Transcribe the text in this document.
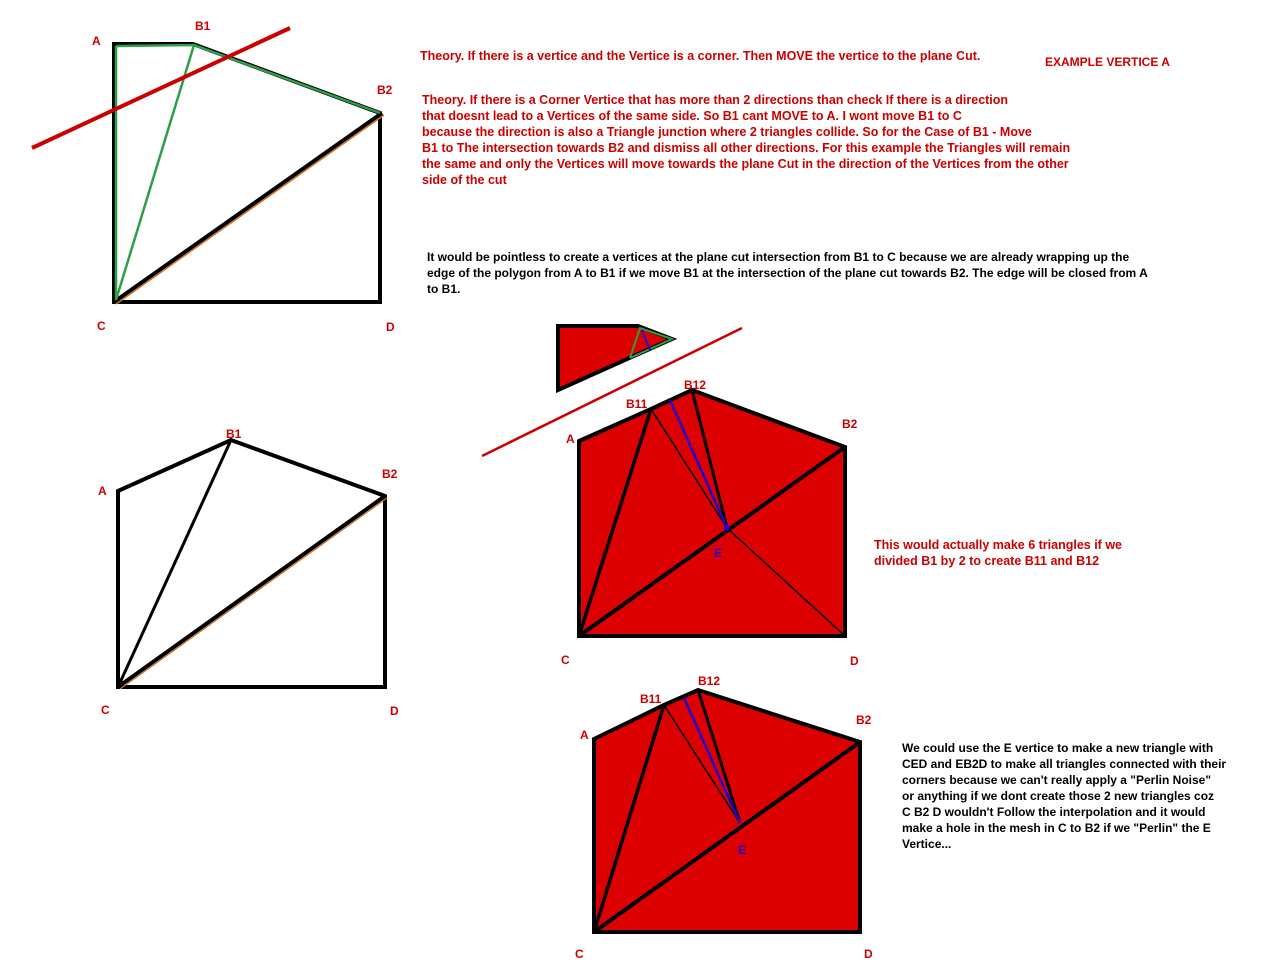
A
B1
B2
C	D
A
B1
B2
C	D
A
B11
B12
B2
E
C	D
A
B11
B12
B2
E
C	D
Theory. If there is a vertice and the Vertice is a corner. Then MOVE the vertice to the plane Cut.	EXAMPLE VERTICE A
Theory. If there is a Corner Vertice that has more than 2 directions than check If there is a direction
that doesnt lead to a Vertices of the same side. So B1 cant MOVE to A. I wont move B1 to C
because the direction is also a Triangle junction where 2 triangles collide. So for the Case of B1 - Move
B1 to The intersection towards B2 and dismiss all other directions. For this example the Triangles will remain
the same and only the Vertices will move towards the plane Cut in the direction of the Vertices from the other
side of the cut
It would be pointless to create a vertices at the plane cut intersection from B1 to C because we are already wrapping up the
edge of the polygon from A to B1 if we move B1 at the intersection of the plane cut towards B2. The edge will be closed from A
to B1.
This would actually make 6 triangles if we
divided B1 by 2 to create B11 and B12
We could use the E vertice to make a new triangle with
CED and EB2D to make all triangles connected with their
corners because we can't really apply a "Perlin Noise"
or anything if we dont create those 2 new triangles coz
C B2 D wouldn't Follow the interpolation and it would
make a hole in the mesh in C to B2 if we "Perlin" the E
Vertice...
